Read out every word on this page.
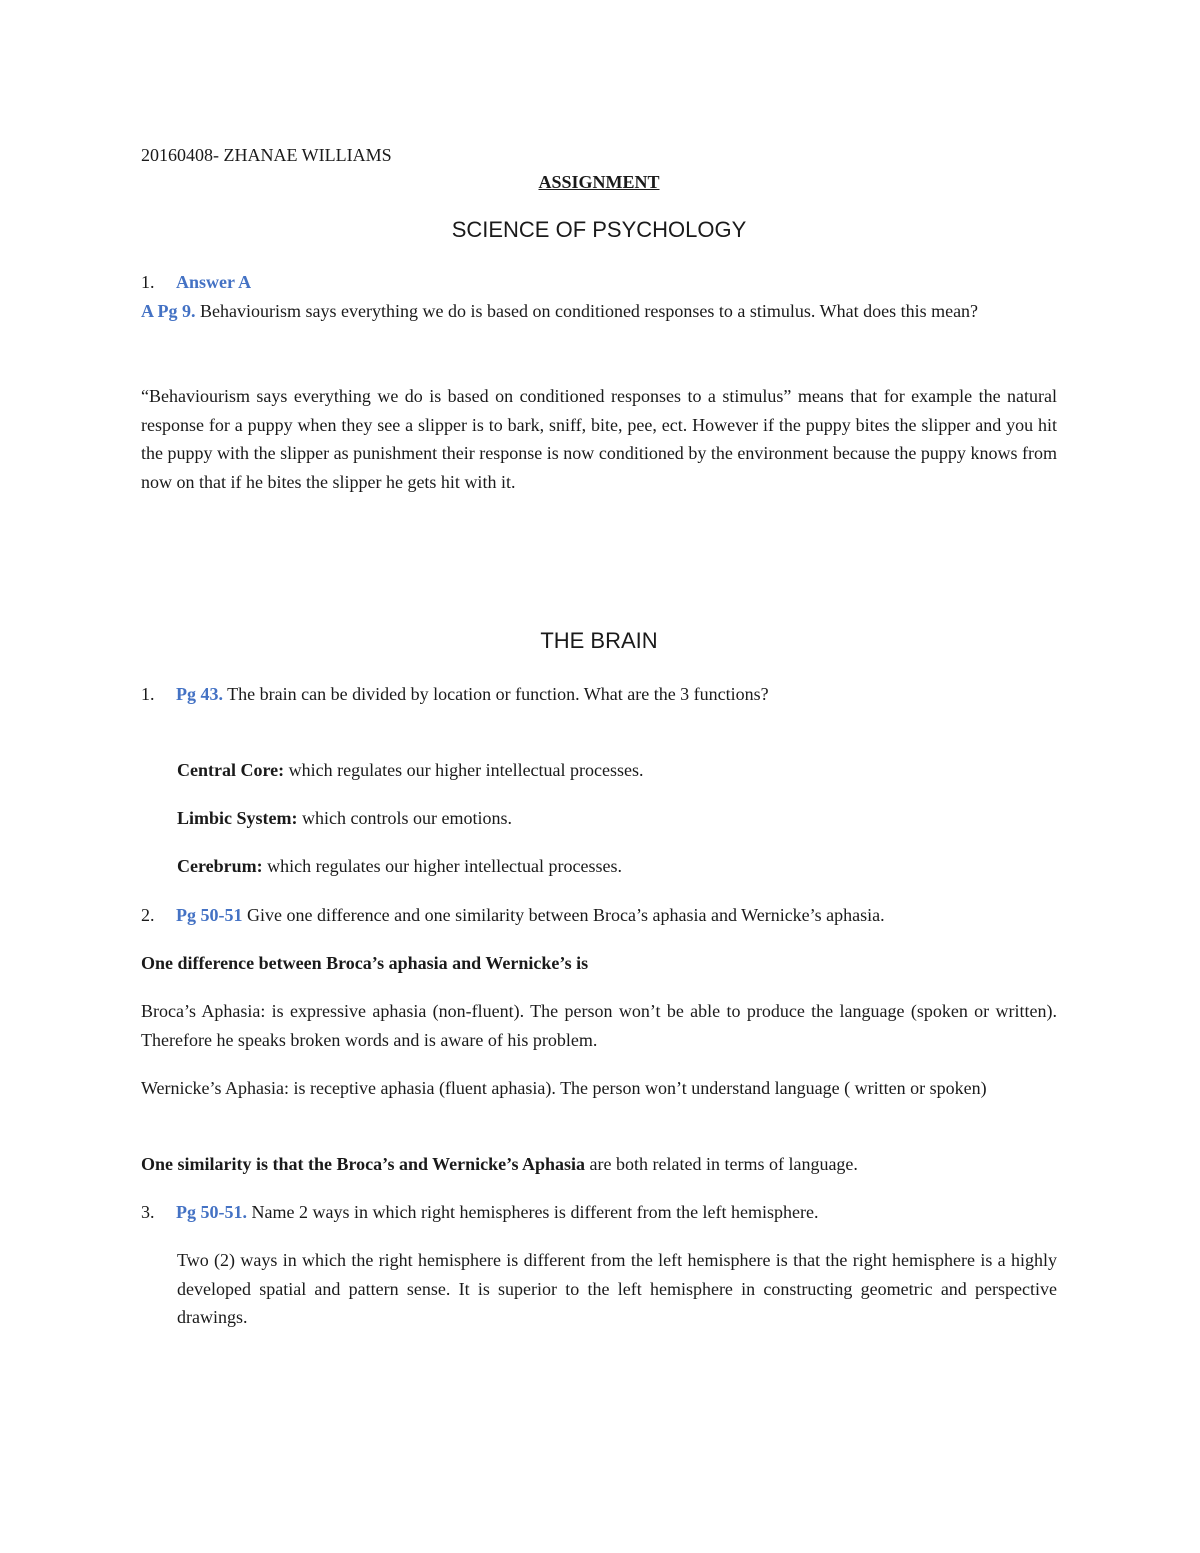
20160408- ZHANAE WILLIAMS

ASSIGNMENT

SCIENCE OF PSYCHOLOGY

1. Answer A

A Pg 9. Behaviourism says everything we do is based on conditioned responses to a stimulus. What does this mean?

“Behaviourism says everything we do is based on conditioned responses to a stimulus” means that for example the natural response for a puppy when they see a slipper is to bark, sniff, bite, pee, ect. However if the puppy bites the slipper and you hit the puppy with the slipper as punishment their response is now conditioned by the environment because the puppy knows from now on that if he bites the slipper he gets hit with it.

THE BRAIN

1. Pg 43. The brain can be divided by location or function. What are the 3 functions?

Central Core: which regulates our higher intellectual processes.

Limbic System: which controls our emotions.

Cerebrum: which regulates our higher intellectual processes.

2. Pg 50-51 Give one difference and one similarity between Broca’s aphasia and Wernicke’s aphasia.

One difference between Broca’s aphasia and Wernicke’s is

Broca’s Aphasia: is expressive aphasia (non-fluent). The person won’t be able to produce the language (spoken or written). Therefore he speaks broken words and is aware of his problem.

Wernicke’s Aphasia: is receptive aphasia (fluent aphasia). The person won’t understand language ( written or spoken)

One similarity is that the Broca’s and Wernicke’s Aphasia are both related in terms of language.

3. Pg 50-51. Name 2 ways in which right hemispheres is different from the left hemisphere.

Two (2) ways in which the right hemisphere is different from the left hemisphere is that the right hemisphere is a highly developed spatial and pattern sense. It is superior to the left hemisphere in constructing geometric and perspective drawings.
